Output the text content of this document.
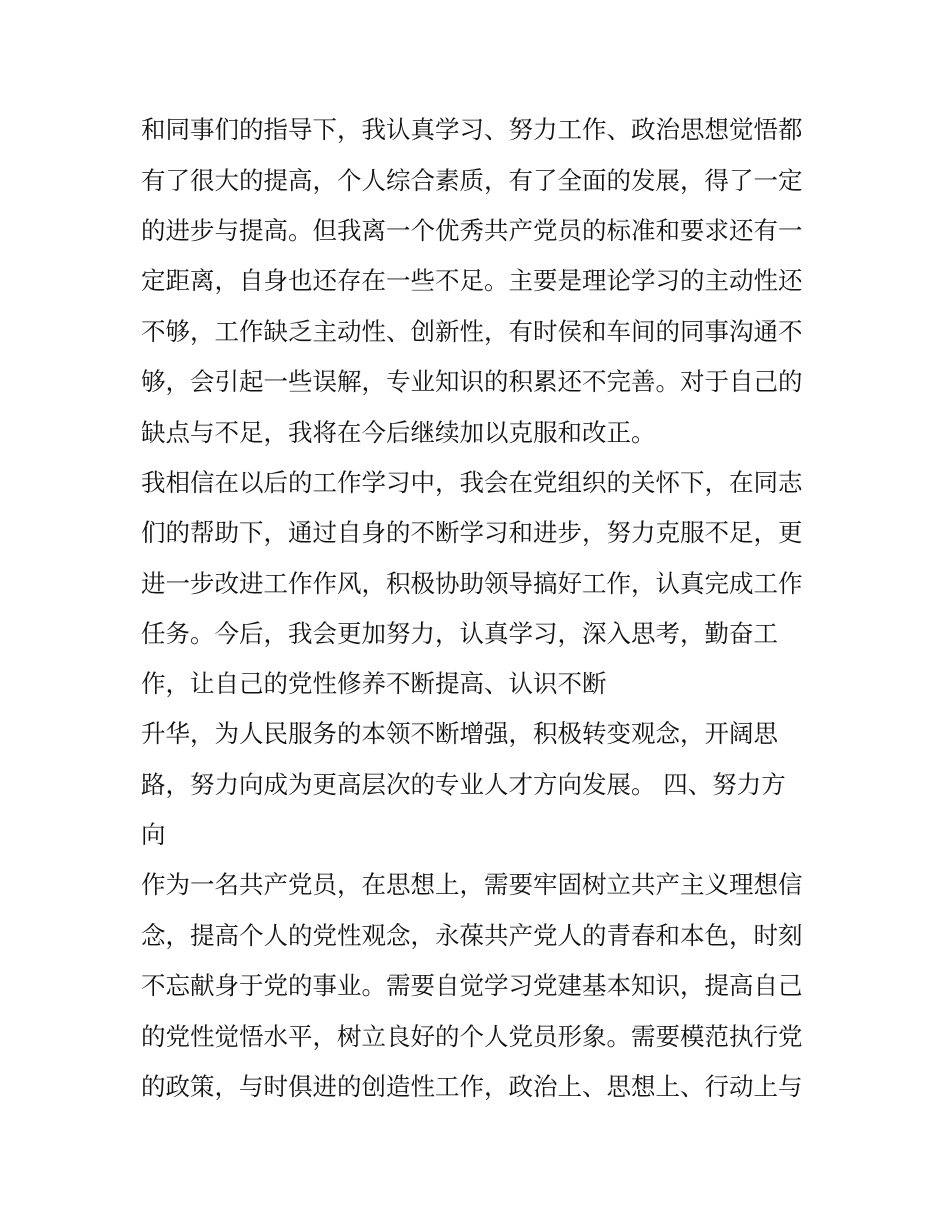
和同事们的指导下，我认真学习、努力工作、政治思想觉悟都
有了很大的提高，个人综合素质，有了全面的发展，得了一定
的进步与提高。但我离一个优秀共产党员的标准和要求还有一
定距离，自身也还存在一些不足。主要是理论学习的主动性还
不够，工作缺乏主动性、创新性，有时侯和车间的同事沟通不
够，会引起一些误解，专业知识的积累还不完善。对于自己的
缺点与不足，我将在今后继续加以克服和改正。
我相信在以后的工作学习中，我会在党组织的关怀下，在同志
们的帮助下，通过自身的不断学习和进步，努力克服不足，更
进一步改进工作作风，积极协助领导搞好工作，认真完成工作
任务。今后，我会更加努力，认真学习，深入思考，勤奋工
作，让自己的党性修养不断提高、认识不断
升华，为人民服务的本领不断增强，积极转变观念，开阔思
路，努力向成为更高层次的专业人才方向发展。 四、努力方
向
作为一名共产党员，在思想上，需要牢固树立共产主义理想信
念，提高个人的党性观念，永葆共产党人的青春和本色，时刻
不忘献身于党的事业。需要自觉学习党建基本知识，提高自己
的党性觉悟水平，树立良好的个人党员形象。需要模范执行党
的政策，与时俱进的创造性工作，政治上、思想上、行动上与
